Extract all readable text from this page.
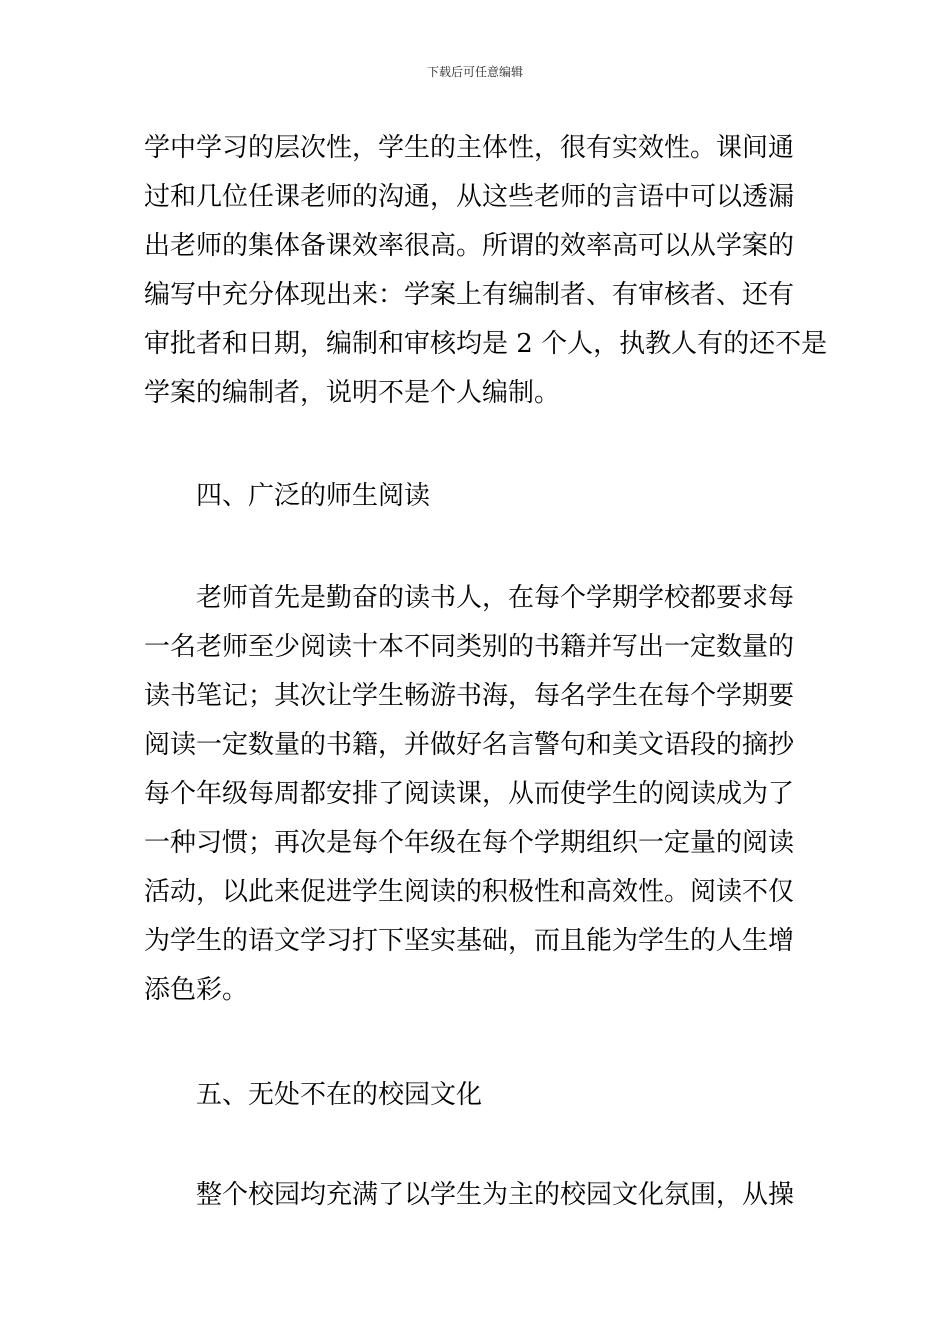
下载后可任意编辑
学中学习的层次性，学生的主体性，很有实效性。课间通
过和几位任课老师的沟通，从这些老师的言语中可以透漏
出老师的集体备课效率很高。所谓的效率高可以从学案的
编写中充分体现出来：学案上有编制者、有审核者、还有
审批者和日期，编制和审核均是 2 个人，执教人有的还不是
学案的编制者，说明不是个人编制。
四、广泛的师生阅读
老师首先是勤奋的读书人，在每个学期学校都要求每
一名老师至少阅读十本不同类别的书籍并写出一定数量的
读书笔记；其次让学生畅游书海，每名学生在每个学期要
阅读一定数量的书籍，并做好名言警句和美文语段的摘抄
每个年级每周都安排了阅读课，从而使学生的阅读成为了
一种习惯；再次是每个年级在每个学期组织一定量的阅读
活动，以此来促进学生阅读的积极性和高效性。阅读不仅
为学生的语文学习打下坚实基础，而且能为学生的人生增
添色彩。
五、无处不在的校园文化
整个校园均充满了以学生为主的校园文化氛围，从操
